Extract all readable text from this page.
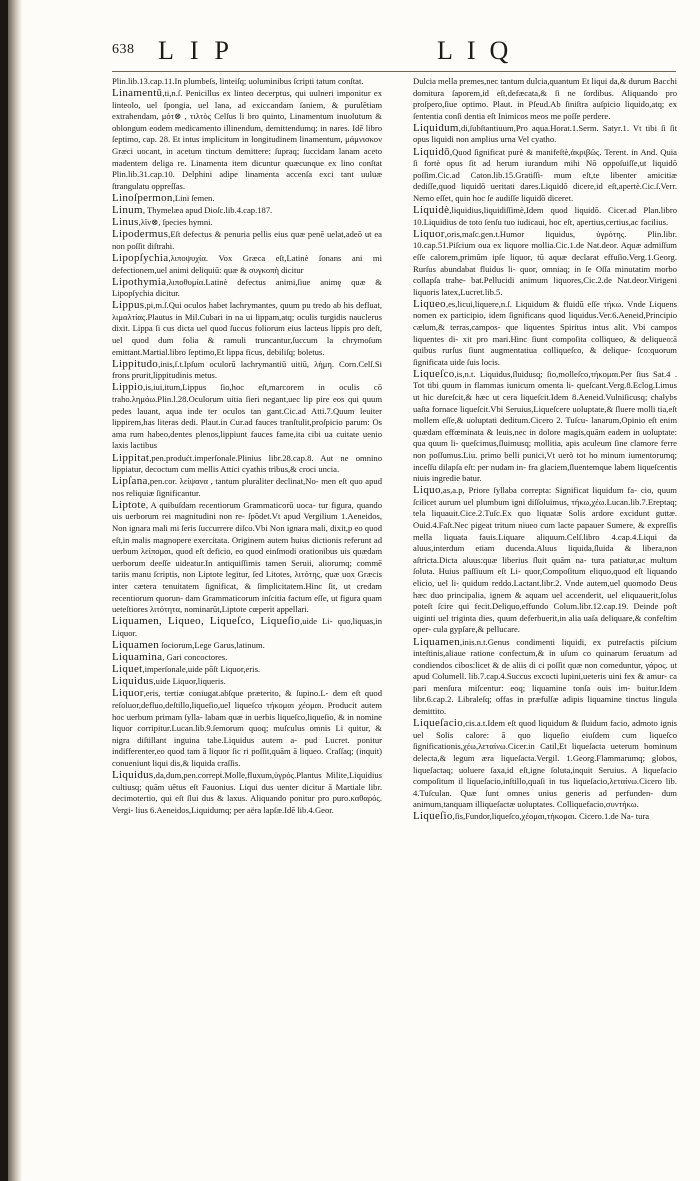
638 LIP	LIQ

Plin.lib.13.cap.11.In plumbeſs, linteiſq; uoluminibus ſcripti tatum conſtat.

Linamentū,ti,n.ſ. Penicillus ex linteo decerptus, qui uulneri imponitur ex linteolo, uel ſpongia, uel lana, ad exiccandam ſaniem, & purulētiam extrahendam, μότ⊗ , τιλτὸς Celſus li bro quinto, Linamentum inuolutum & oblongum eodem medicamento illinendum, demittendumq; in nares. Idē libro ſeptimo, cap. 28. Et intus implicitum in longitudinem linamentum, μάμνισκον Græci uocant, in acetum tinctum demittere: ſupraq; ſuccidam lanam aceto madentem deliga re. Linamenta item dicuntur quæcunque ex lino conſtat Plin.lib.31.cap.10. Delphini adipe linamenta accenſa exci tant uuluæ ſtrangulatu oppreſſas.

Linoſpermon,Lini ſemen.

Linum, Thymelæa apud Dioſc.lib.4.cap.187.

Linus,λῖν⊗, ſpecies hymni.

Lipodermus,Eſt defectus & penuria pellis eius quæ penē uelat,adeō ut ea non poſſit diſtrahi.

Lipopſychia,λιποψυχία. Vox Græca eſt,Latinè ſonans ani mi defectionem,uel animi deliquiū: quæ & συγκοπὴ dicitur

Lipothymia,λιποθυμία.Latinè defectus animi,ſiue animę quæ & Lipopſychia dicitur.

Lippus,pi,m.ſ.Qui oculos habet lachrymantes, quum pu tredo ab his defluat, λιμαλτίας.Plautus in Mil.Cubari in na ui lippam,atq; oculis turgidis nauclerus dixit. Lippa ſi cus dicta uel quod ſuccus foliorum eius lacteus lippis pro deſt, uel quod dum folia & ramuli truncantur,ſuccum la chrymoſum emittant.Martial.libro ſeptimo,Et lippa ficus, debiliſq; boletus.

Lippitudo,inis,ſ.t.Ipſum oculorū lachrymantiū uitiū, λήμη. Corn.Celſ.Si frons prurit,lippitudinis metus.

Lippio,is,iui,itum,Lippus ſio,hoc eſt,marcorem in oculis cō traho.λημάω.Plin.l.28.Oculorum uitia ſieri negant,uec lip pire eos qui quum pedes lauant, aqua inde ter oculos tan gant.Cic.ad Atti.7.Quum leuiter lippirem,has literas dedi. Plaut.in Cur.ad fauces tranſtulit,proſpicio parum: Os ama rum habeo,dentes plenos,lippiunt fauces fame,ita cibi ua cuitate uenio laxis lactibus

Lippitat,pen.produćt.imperſonale.Plinius libr.28.cap.8. Aut ne omnino lippiatur, decoctum cum mellis Attici cyathis tribus,& croci uncia.

Lipſana,pen.cor. λείψανα , tantum pluraliter declinat,No- men eſt quo apud nos reliquiæ ſignificantur.

Liptote, A quibuſdam recentiorum Grammaticorū uoca- tur figura, quando uis uerborum rei magnitudini non re- ſpōdet.Vt apud Vergilium 1.Aeneidos, Non ignara mali mi ſeris ſuccurrere diſco.Vbi Non ignara mali, dixit,p eo quod eſt,in malis magnopere exercitata. Originem autem huius dictionis referunt ad uerbum λείπομαι, quod eſt deficio, eo quod einſmodi orationibus uis quædam uerborum deeſſe uideatur.In antiquiſſimis tamen Seruii, aliorumq; commē tariis manu ſcriptis, non Liptote legitur, ſed Litotes, λιτότης, quæ uox Græcis inter cætera tenuitatem ſignificat, & ſimplicitatem.Hinc ſit, ut credam recentiorum quorun- dam Grammaticorum inſcitia factum eſſe, ut figura quam ueteſtiores λιτότητα, nominarūt,Liptote cœperit appellari.

Liquamen, Liqueo, Liqueſco, Liqueſio,uide Li- quo,liquas,in Liquor.

Liquamen ſociorum,Lege Garus,latinum.

Liquamina, Gari concoctores.

Liquet,imperſonale,uide pōſt Liquor,eris.

Liquidus,uide Liquor,liqueris.

Liquor,eris, tertiæ coniugat.abſque præterito, & ſupino.L- dem eſt quod reſoluor,defluo,deſtillo,liqueſio,uel liqueſco τήκομαι χέομαι. Producit autem hoc uerbum primam ſylla- labam quæ in uerbis liqueſco,liqueſio, & in nomine liquor corripitur.Lucan.lib.9.ſemorum quoq; muſculus omnis Li quitur, & nigra diſtillant inguina tabe.Liquidus autem a- pud Lucret. ponitur indifferenter,eo quod tam ā liquor ſic ri poſſit,quām ā liqueo. Craſſaq; (inquit) conueniunt liqui dis,& liquida craſſis.

Liquidus,da,dum,pen.correpṫ.Molle,fluxum,ὑγρός.Plantus Milite,Liquidius cultiusq; quām uētus eſt Fauonius. Liqui dus uenter dicitur ā Martiale libr. decimotertio, qui eſt ſlui dus & laxus. Aliquando ponitur pro puro.καθαρός. Vergi- lius 6.Aeneidos,Liquidumq; per aëra lapſæ.Idē lib.4.Geor.

Dulcia mella premes,nec tantum dulcia,quantum Et liqui da,& durum Bacchi domitura ſaporem,id eſt,defæcata,& ſi ne ſordibus. Aliquando pro proſpero,ſiue optimo. Plaut. in Pſeud.Ab ſiniſtra auſpicio liquido,atq; ex ſententia conſi dentia eſt Inimicos meos me poſſe perdere.

Liquidum,di,ſubſtantiuum,Pro aqua.Horat.1.Serm. Satyr.1. Vt tibi ſi ſit opus liquidi non amplius urna Vel cyatho.

Liquidō,Quod ſignificat purè & manifeſtè,ἀκριβῶς. Terent. in And. Quia ſi fortè opus ſit ad herum iurandum mihi Nō oppoſuiſſe,ut liquidō poſſim.Cic.ad Caton.lib.15.Gratiſſi- mum eſt,te libenter amicitiæ dediſſe,quod liquidō ueritati dares.Liquidō dicere,id eſt,apertè.Cic.ſ.Verr. Nemo eſſet, quin hoc ſe audiſſe liquidō diceret.

Liquidè,liquidius,liquidiſſimè,Idem quod liquidō. Cicer.ad Plan.libro 10.Liquidius de toto ſenſu tuo iudicaui, hoc eſt, apertius,certius,ac facilius.

Liquor,oris,maſc.gen.t.Humor liquidus, ὑγρότης. Plin.libr. 10.cap.51.Piſcium oua ex liquore mollia.Cic.1.de Nat.deor. Aquæ admiſſum eſſe calorem,primūm ipſe liquor, tū aquæ declarat effuſio.Verg.1.Georg. Rurſus abundabat fluidus li- quor, omniaq; in ſe Oſſa minutatim morbo collapſa trahe- bat.Pellucidi animum liquores,Cic.2.de Nat.deor.Virigeni liquoris latex,Lucret.lib.5.

Liqueo,es,licui,liquere,n.ſ. Liquidum & fluidū eſſe τήκω. Vnde Liquens nomen ex participio, idem ſignificans quod liquidus.Ver.6.Aeneid,Principio cælum,& terras,campos- que liquentes Spiritus intus alit. Vbi campos liquentes di- xit pro mari.Hinc ſiunt compoſita colliqueo, & deliqueo:ā quibus rurſus ſiunt augmentatiua colliqueſco, & delique- ſco:quorum ſignificata uide ſuis locis.

Liqueſco,is,n.t. Liquidus,ſluidusq; ſio,molleſco,τήκομαι.Per ſius Sat.4 . Tot tibi quum in flammas iunicum omenta li- queſcant.Verg.8.Eclog.Limus ut hic dureſcit,& hæc ut cera liqueſcit.Idem 8.Aeneid.Vulniſicusq; chalybs uaſta fornace liqueſcit.Vbi Seruius,Liqueſcere uoluptate,& ſluere molli tia,eſt mollem eſſe,& uoluptati deditum.Cicero 2. Tuſcu- lanarum,Opinio eſt enim quædam effœminata & leuis,nec in dolore magis,quām eadem in uoluptate: qua quum li- queſcimus,ſluimusq; mollitia, apis aculeum ſine clamore ferre non poſſumus.Liu. primo belli punici,Vt uerò tot ho minum iumentorumq; inceſſu dilapſa eſt: per nudam in- fra glaciem,ſluentemque labem liqueſcentis niuis ingredie batur.

Liquo,as,a.p, Priore ſyllaba correpta: Significat liquidum fa- cio, quum ſcilicet aurum uel plumbum igni diſſoluimus, τήκω,χέω.Lucan.lib.7.Ereptaq; tela liquauit.Cice.2.Tuſc.Ex quo liquatæ Solis ardore excidunt guttæ. Ouid.4.Faſt.Nec pigeat tritum niueo cum lacte papauer Sumere, & expreſſis mella liquata fauis.Liquare aliquum.Celſ.libro 4.cap.4.Liqui da aluus,interdum etiam ducenda.Aluus liquida,ſluida & libera,non aſtricta.Dicta aluus:quæ liberius ſluit quām na- tura patiatur,ac multum ſoluta. Huius paſſiuum eſt Li- quor,Compoſitum eliquo,quod eſt liquando elicio, uel li- quidum reddo.Lactant.libr.2. Vnde autem,uel quomodo Deus hæc duo principalia, ignem & aquam uel accenderit, uel eliquauerit,ſolus poteſt ſcire qui fecit.Deliquo,effundo Colum.libr.12.cap.19. Deinde poſt uiginti uel triginta dies, quum deferbuerit,in alia uaſa deliquare,& confeſtim oper- cula gypſare,& pellucare.

Liquamen,inis.n.t.Genus condimenti liquidi, ex putrefactis piſcium inteſtinis,aliaue ratione confectum,& in uſum co quinarum ſeruatum ad condiendos cibos:licet & de aliis di ci poſſit quæ non comeduntur, γάρος. ut apud Columell. lib.7.cap.4.Succus excocti lupini,ueteris uini fex & amur- ca pari menſura miſcentur: eoq; liquamine tonſa ouis im- buitur.Idem libr.6.cap.2. Libraleſq; offas in præfulſæ adipis liquamine tinctus lingula demittito.

Liqueſacio,cis.a.t.Idem eſt quod liquidum & ſluidum facio, admoto ignis uel Solis calore: ā quo liqueſio eiuſdem cum liqueſco ſignificationis,χέω,λεταίνω.Cicer.in Catil,Et liqueſacta ueterum hominum delecta,& legum æra liqueſacta.Vergil. 1.Georg.Flammarumq; globos, liqueſactaq; uoluere ſaxa,id eſt,igne ſoluta,inquit Seruius. A liqueſacio compoſitum il liqueſacio,inſtillo,quaſi in tus liqueſacio,λεταίνω.Cicero lib. 4.Tuſculan. Quæ ſunt omnes unius generis ad perfunden- dum animum,tanquam illiqueſactæ uoluptates. Colliquefacio,συντήκω.

Liqueſio,ſis,Fundor,liqueſco,χέομαι,τήκομαι. Cicero.1.de Na- tura
